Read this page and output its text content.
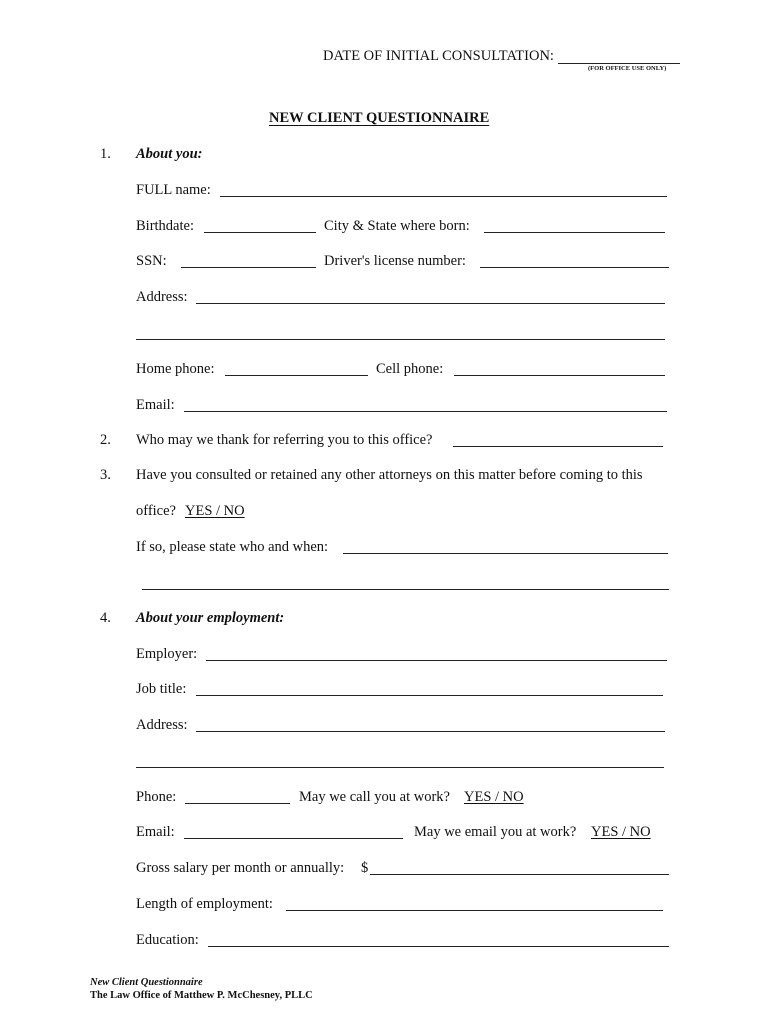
DATE OF INITIAL CONSULTATION:
(FOR OFFICE USE ONLY)
NEW CLIENT QUESTIONNAIRE
1. About you:
FULL name:
Birthdate:	City & State where born:
SSN:	Driver's license number:
Address:
Home phone:	Cell phone:
Email:
2. Who may we thank for referring you to this office?
3. Have you consulted or retained any other attorneys on this matter before coming to this
office? YES / NO
If so, please state who and when:
4. About your employment:
Employer:
Job title:
Address:
Phone:	May we call you at work? YES / NO
Email:	May we email you at work? YES / NO
Gross salary per month or annually: $
Length of employment:
Education:
New Client Questionnaire
The Law Office of Matthew P. McChesney, PLLC
